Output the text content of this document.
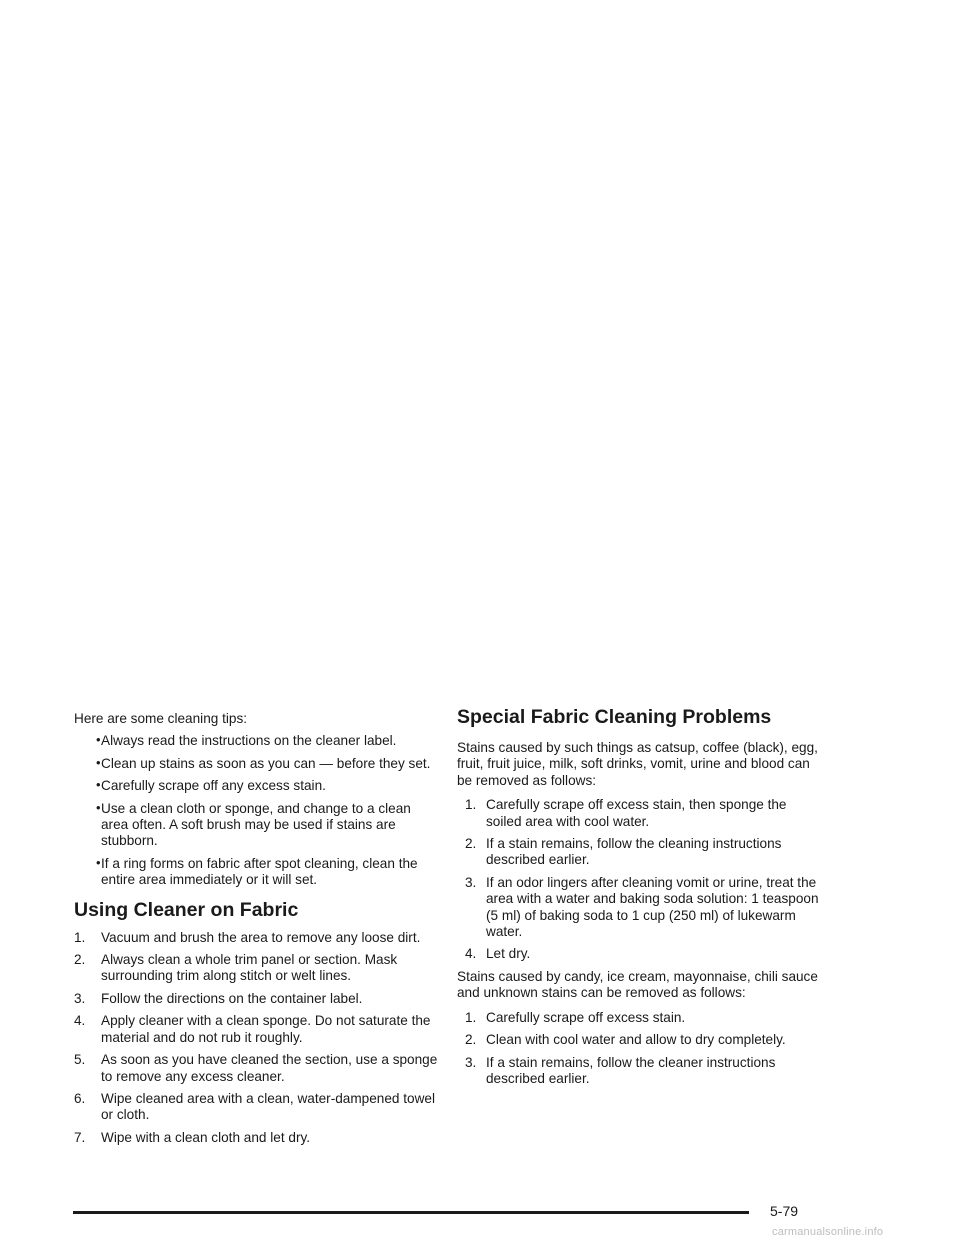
Here are some cleaning tips:

• Always read the instructions on the cleaner label.
• Clean up stains as soon as you can — before they set.
• Carefully scrape off any excess stain.
• Use a clean cloth or sponge, and change to a clean area often. A soft brush may be used if stains are stubborn.
• If a ring forms on fabric after spot cleaning, clean the entire area immediately or it will set.
Using Cleaner on Fabric
1. Vacuum and brush the area to remove any loose dirt.
2. Always clean a whole trim panel or section. Mask surrounding trim along stitch or welt lines.
3. Follow the directions on the container label.
4. Apply cleaner with a clean sponge. Do not saturate the material and do not rub it roughly.
5. As soon as you have cleaned the section, use a sponge to remove any excess cleaner.
6. Wipe cleaned area with a clean, water-dampened towel or cloth.
7. Wipe with a clean cloth and let dry.
Special Fabric Cleaning Problems

Stains caused by such things as catsup, coffee (black), egg, fruit, fruit juice, milk, soft drinks, vomit, urine and blood can be removed as follows:

1. Carefully scrape off excess stain, then sponge the soiled area with cool water.
2. If a stain remains, follow the cleaning instructions described earlier.
3. If an odor lingers after cleaning vomit or urine, treat the area with a water and baking soda solution: 1 teaspoon (5 ml) of baking soda to 1 cup (250 ml) of lukewarm water.
4. Let dry.

Stains caused by candy, ice cream, mayonnaise, chili sauce and unknown stains can be removed as follows:

1. Carefully scrape off excess stain.
2. Clean with cool water and allow to dry completely.
3. If a stain remains, follow the cleaner instructions described earlier.
5-79
carmanualsonline.info
